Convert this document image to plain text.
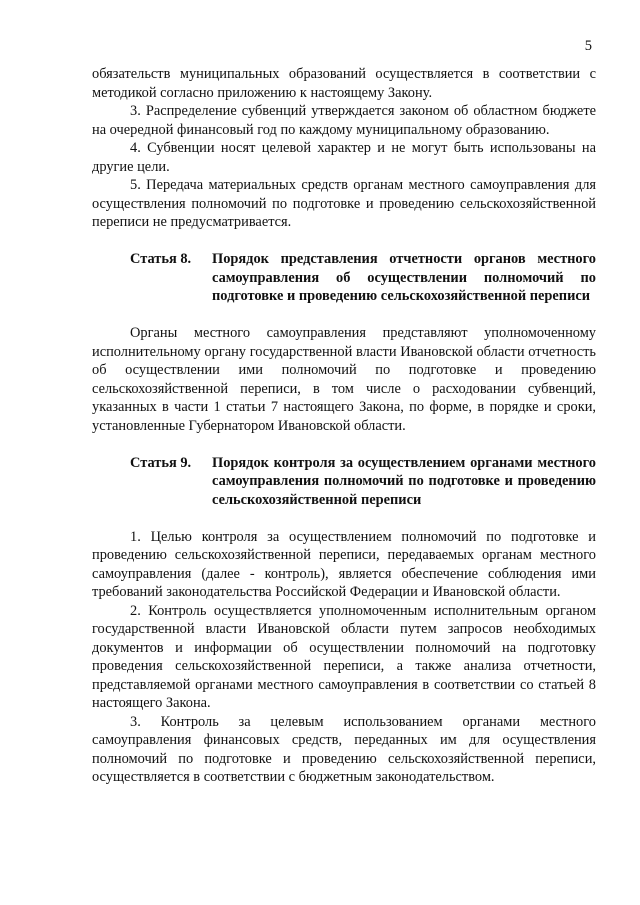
5

обязательств муниципальных образований осуществляется в соответствии с методикой согласно приложению к настоящему Закону.

3. Распределение субвенций утверждается законом об областном бюджете на очередной финансовый год по каждому муниципальному образованию.

4. Субвенции носят целевой характер и не могут быть использованы на другие цели.

5. Передача материальных средств органам местного самоуправления для осуществления полномочий по подготовке и проведению сельскохозяйственной переписи не предусматривается.

Статья 8.	Порядок представления отчетности органов местного самоуправления об осуществлении полномочий по подготовке и проведению сельскохозяйственной переписи

Органы местного самоуправления представляют уполномоченному исполнительному органу государственной власти Ивановской области отчетность об осуществлении ими полномочий по подготовке и проведению сельскохозяйственной переписи, в том числе о расходовании субвенций, указанных в части 1 статьи 7 настоящего Закона, по форме, в порядке и сроки, установленные Губернатором Ивановской области.

Статья 9.	Порядок контроля за осуществлением органами местного самоуправления полномочий по подготовке и проведению сельскохозяйственной переписи

1. Целью контроля за осуществлением полномочий по подготовке и проведению сельскохозяйственной переписи, передаваемых органам местного самоуправления (далее - контроль), является обеспечение соблюдения ими требований законодательства Российской Федерации и Ивановской области.

2. Контроль осуществляется уполномоченным исполнительным органом государственной власти Ивановской области путем запросов необходимых документов и информации об осуществлении полномочий на подготовку проведения сельскохозяйственной переписи, а также анализа отчетности, представляемой органами местного самоуправления в соответствии со статьей 8 настоящего Закона.

3. Контроль за целевым использованием органами местного самоуправления финансовых средств, переданных им для осуществления полномочий по подготовке и проведению сельскохозяйственной переписи, осуществляется в соответствии с бюджетным законодательством.
